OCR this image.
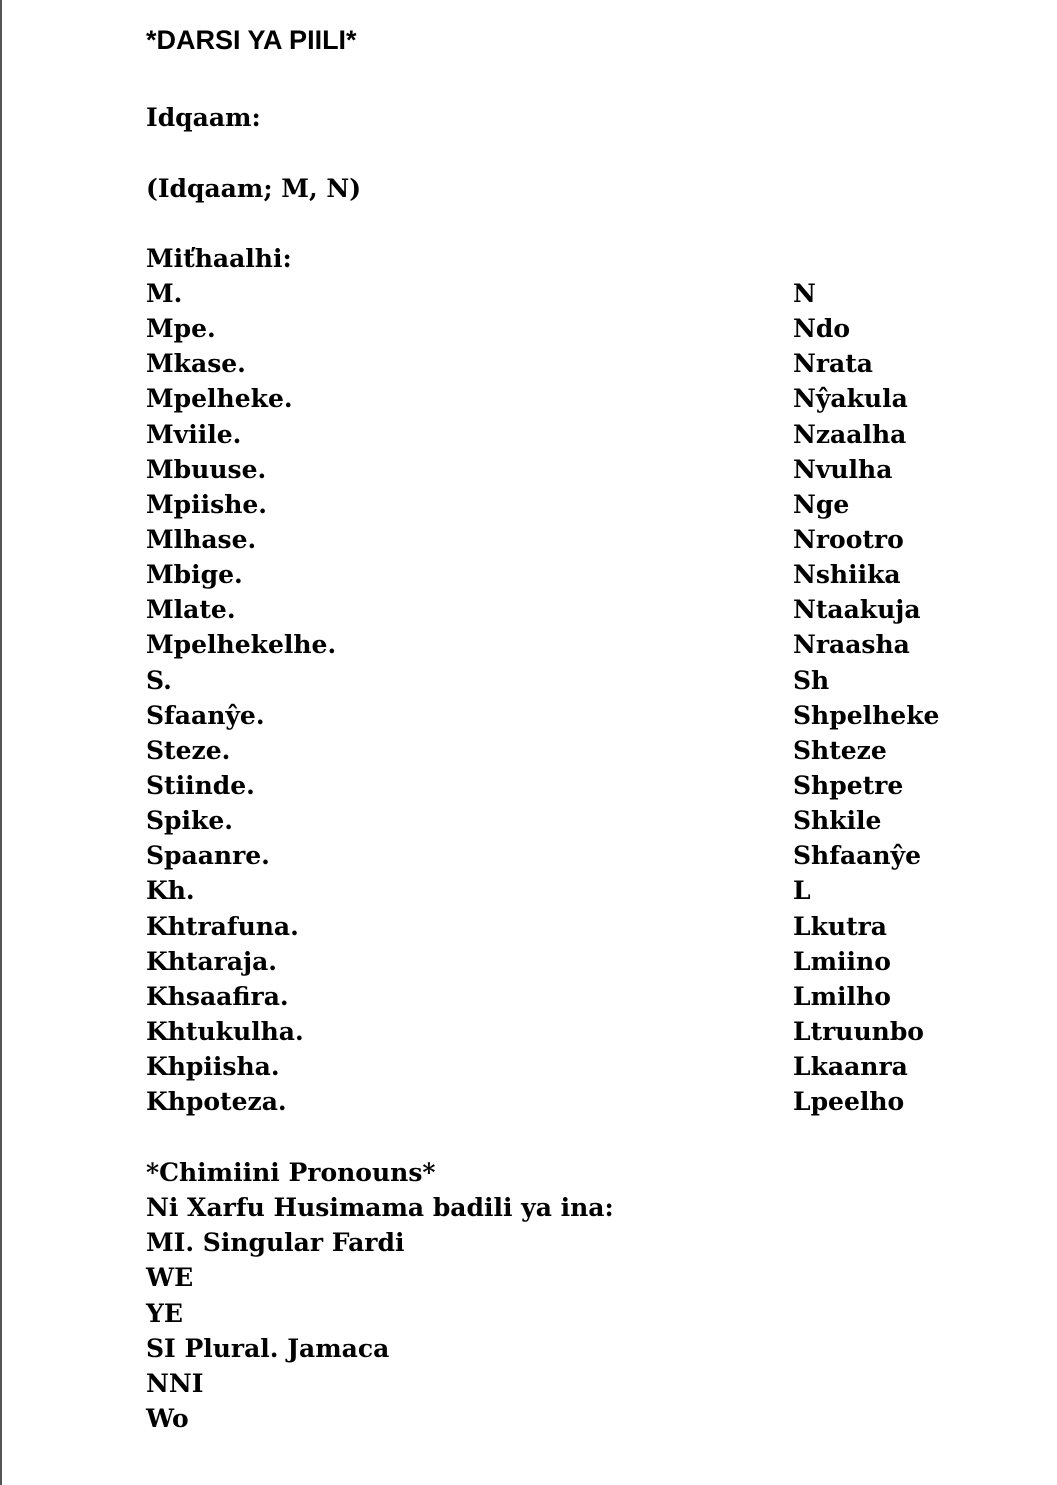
*DARSI YA PIILI*
Idqaam:
(Idqaam; M, N)
Miťhaalhi:
M.
Mpe.
Mkase.
Mpelheke.
Mviile.
Mbuuse.
Mpiishe.
Mlhase.
Mbige.
Mlate.
Mpelhekelhe.
S.
Sfaanŷe.
Steze.
Stiinde.
Spike.
Spaanre.
Kh.
Khtrafuna.
Khtaraja.
Khsaafira.
Khtukulha.
Khpiisha.
Khpoteza.
N
Ndo
Nrata
Nŷakula
Nzaalha
Nvulha
Nge
Nrootro
Nshiika
Ntaakuja
Nraasha
Sh
Shpelheke
Shteze
Shpetre
Shkile
Shfaanŷe
L
Lkutra
Lmiino
Lmilho
Ltruunbo
Lkaanra
Lpeelho
*Chimiini Pronouns*
Ni Xarfu Husimama badili ya ina:
MI. Singular Fardi
WE
YE
SI Plural. Jamaca
NNI
Wo
